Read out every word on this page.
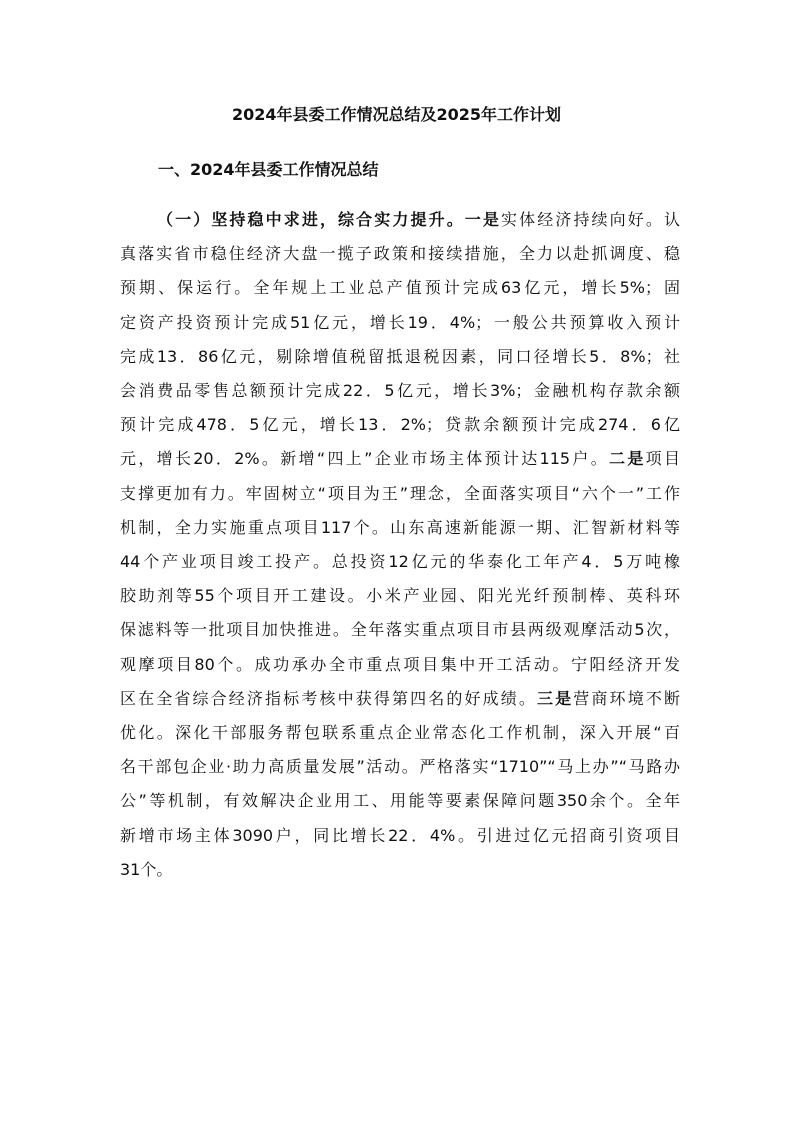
2024年县委工作情况总结及2025年工作计划
一、2024年县委工作情况总结
（一）坚持稳中求进，综合实力提升。一是实体经济持续向好。认
真落实省市稳住经济大盘一揽子政策和接续措施，全力以赴抓调度、稳
预期、保运行。全年规上工业总产值预计完成63亿元，增长5%；固
定资产投资预计完成51亿元，增长19．4%；一般公共预算收入预计
完成13．86亿元，剔除增值税留抵退税因素，同口径增长5．8%；社
会消费品零售总额预计完成22．5亿元，增长3%；金融机构存款余额
预计完成478．5亿元，增长13．2%；贷款余额预计完成274．6亿
元，增长20．2%。新增“四上”企业市场主体预计达115户。二是项目
支撑更加有力。牢固树立“项目为王”理念，全面落实项目“六个一”工作
机制，全力实施重点项目117个。山东高速新能源一期、汇智新材料等
44个产业项目竣工投产。总投资12亿元的华泰化工年产4．5万吨橡
胶助剂等55个项目开工建设。小米产业园、阳光光纤预制棒、英科环
保滤料等一批项目加快推进。全年落实重点项目市县两级观摩活动5次，
观摩项目80个。成功承办全市重点项目集中开工活动。宁阳经济开发
区在全省综合经济指标考核中获得第四名的好成绩。三是营商环境不断
优化。深化干部服务帮包联系重点企业常态化工作机制，深入开展“百
名干部包企业·助力高质量发展”活动。严格落实“1710”“马上办”“马路办
公”等机制，有效解决企业用工、用能等要素保障问题350余个。全年
新增市场主体3090户，同比增长22．4%。引进过亿元招商引资项目
31个。
